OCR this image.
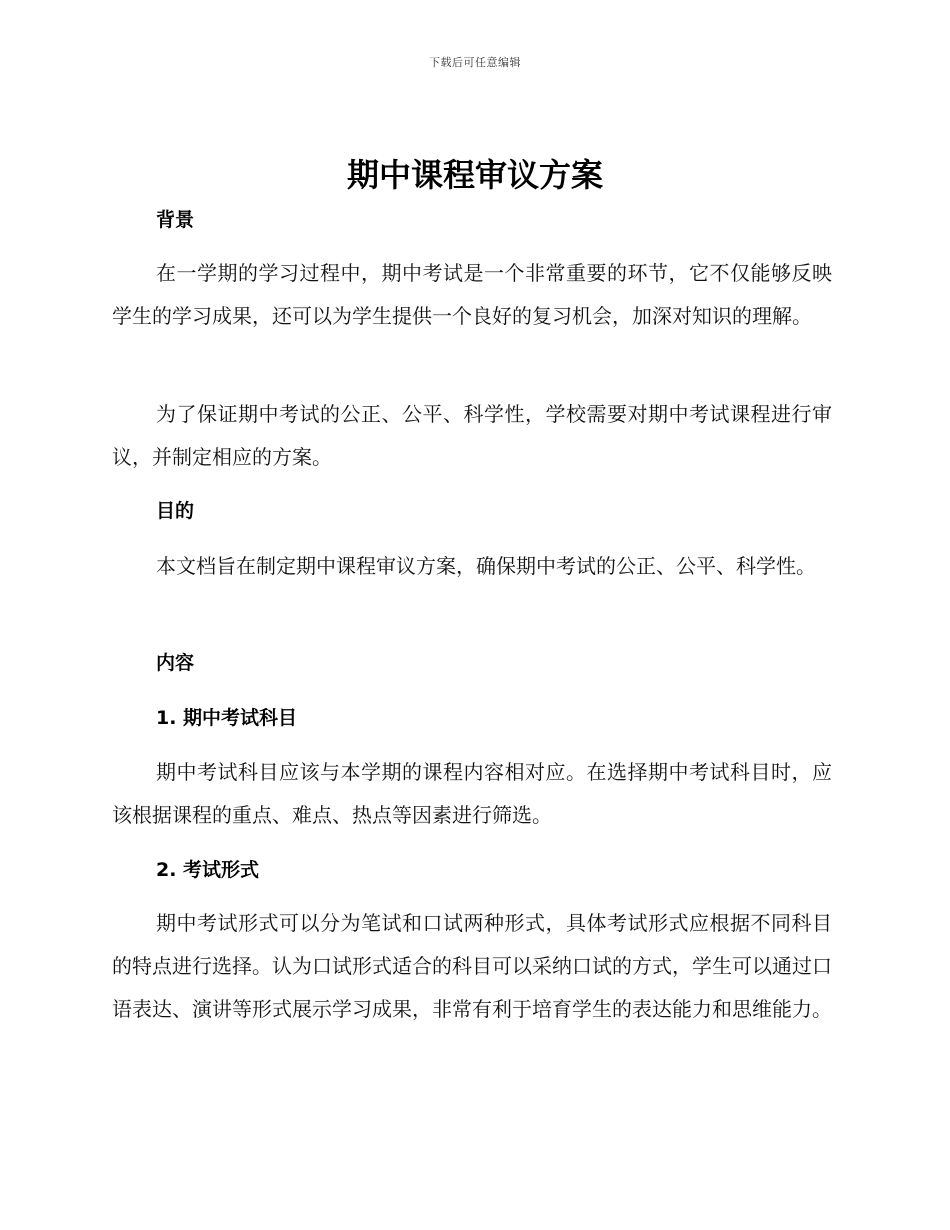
下载后可任意编辑
期中课程审议方案
背景

在一学期的学习过程中，期中考试是一个非常重要的环节，它不仅能够反映学生的学习成果，还可以为学生提供一个良好的复习机会，加深对知识的理解。

为了保证期中考试的公正、公平、科学性，学校需要对期中考试课程进行审议，并制定相应的方案。

目的

本文档旨在制定期中课程审议方案，确保期中考试的公正、公平、科学性。

内容
1. 期中考试科目

期中考试科目应该与本学期的课程内容相对应。在选择期中考试科目时，应该根据课程的重点、难点、热点等因素进行筛选。

2. 考试形式

期中考试形式可以分为笔试和口试两种形式，具体考试形式应根据不同科目的特点进行选择。认为口试形式适合的科目可以采纳口试的方式，学生可以通过口语表达、演讲等形式展示学习成果，非常有利于培育学生的表达能力和思维能力。
